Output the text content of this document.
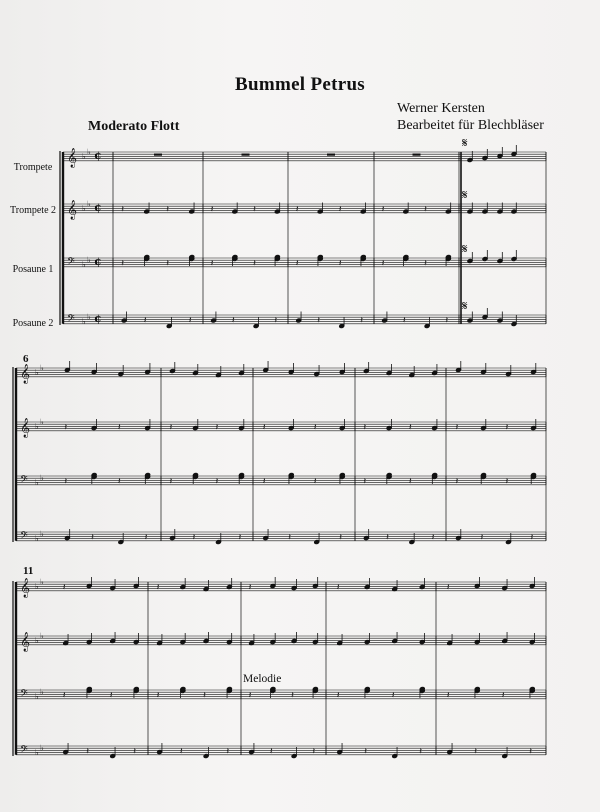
Bummel Petrus
Werner Kersten
Bearbeitet für Blechbläser
Moderato Flott
Trompete
Trompete 2
Posaune 1
Posaune 2
6
11
Melodie
𝄞 ♭ ♭ ¢
𝄞 ♭ ♭ ¢
𝄢 ♭ ♭ ¢
𝄢 ♭ ♭ ¢
𝄋
𝄋
𝄋
𝄋
𝄞 ♭ ♭
𝄞 ♭ ♭
𝄢 ♭ ♭
𝄢 ♭ ♭
𝄞 ♭ ♭
𝄞 ♭ ♭
𝄢 ♭ ♭
𝄢 ♭ ♭
𝄽	𝄽	𝄽	𝄽	𝄽	𝄽	𝄽	𝄽
𝄽	𝄽	𝄽	𝄽	𝄽	𝄽	𝄽	𝄽
𝄽	𝄽	𝄽	𝄽	𝄽	𝄽	𝄽	𝄽
𝄽
𝄽
𝄽
𝄽
𝄽
𝄽
𝄽
𝄽
𝄽
𝄽
𝄽
𝄽
𝄽
𝄽
𝄽
𝄽
𝄽
𝄽
𝄽
𝄽
𝄽
𝄽
𝄽
𝄽
𝄽
𝄽
𝄽
𝄽
𝄽
𝄽
𝄽
𝄽
𝄽
𝄽
𝄽
𝄽
𝄽
𝄽
𝄽
𝄽
𝄽
𝄽
𝄽
𝄽
𝄽
𝄽
𝄽
𝄽
𝄽
𝄽
𝄽
𝄽
𝄽
𝄽
𝄽
